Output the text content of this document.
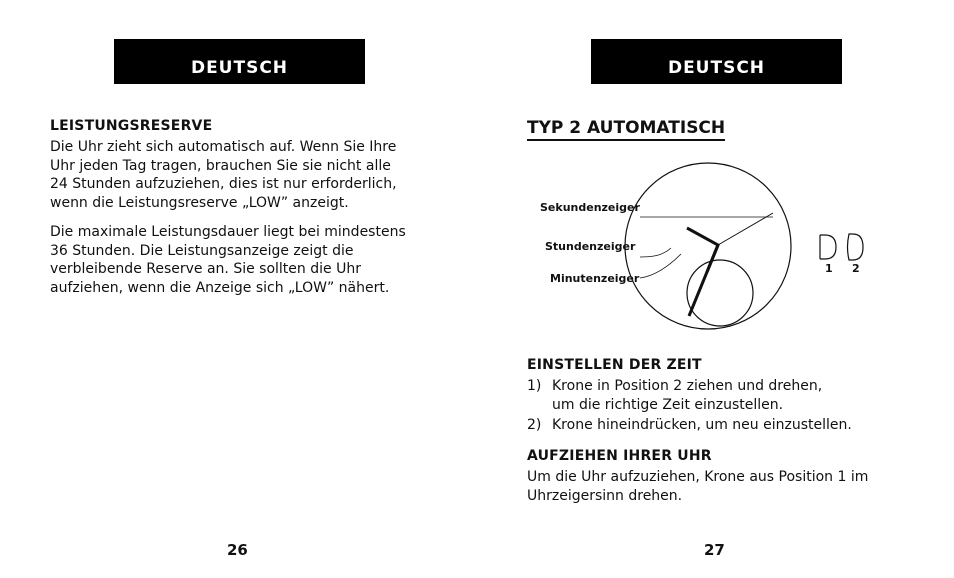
DEUTSCH
LEISTUNGSRESERVE

Die Uhr zieht sich automatisch auf. Wenn Sie Ihre
Uhr jeden Tag tragen, brauchen Sie sie nicht alle
24 Stunden aufzuziehen, dies ist nur erforderlich,
wenn die Leistungsreserve „LOW” anzeigt.

Die maximale Leistungsdauer liegt bei mindestens
36 Stunden. Die Leistungsanzeige zeigt die
verbleibende Reserve an. Sie sollten die Uhr
aufziehen, wenn die Anzeige sich „LOW” nähert.

26
DEUTSCH
TYP 2 AUTOMATISCH
Sekundenzeiger
Stundenzeiger
Minutenzeiger
1 2
EINSTELLEN DER ZEIT
1) Krone in Position 2 ziehen und drehen,
um die richtige Zeit einzustellen.
2) Krone hineindrücken, um neu einzustellen.
AUFZIEHEN IHRER UHR

Um die Uhr aufzuziehen, Krone aus Position 1 im
Uhrzeigersinn drehen.

27
